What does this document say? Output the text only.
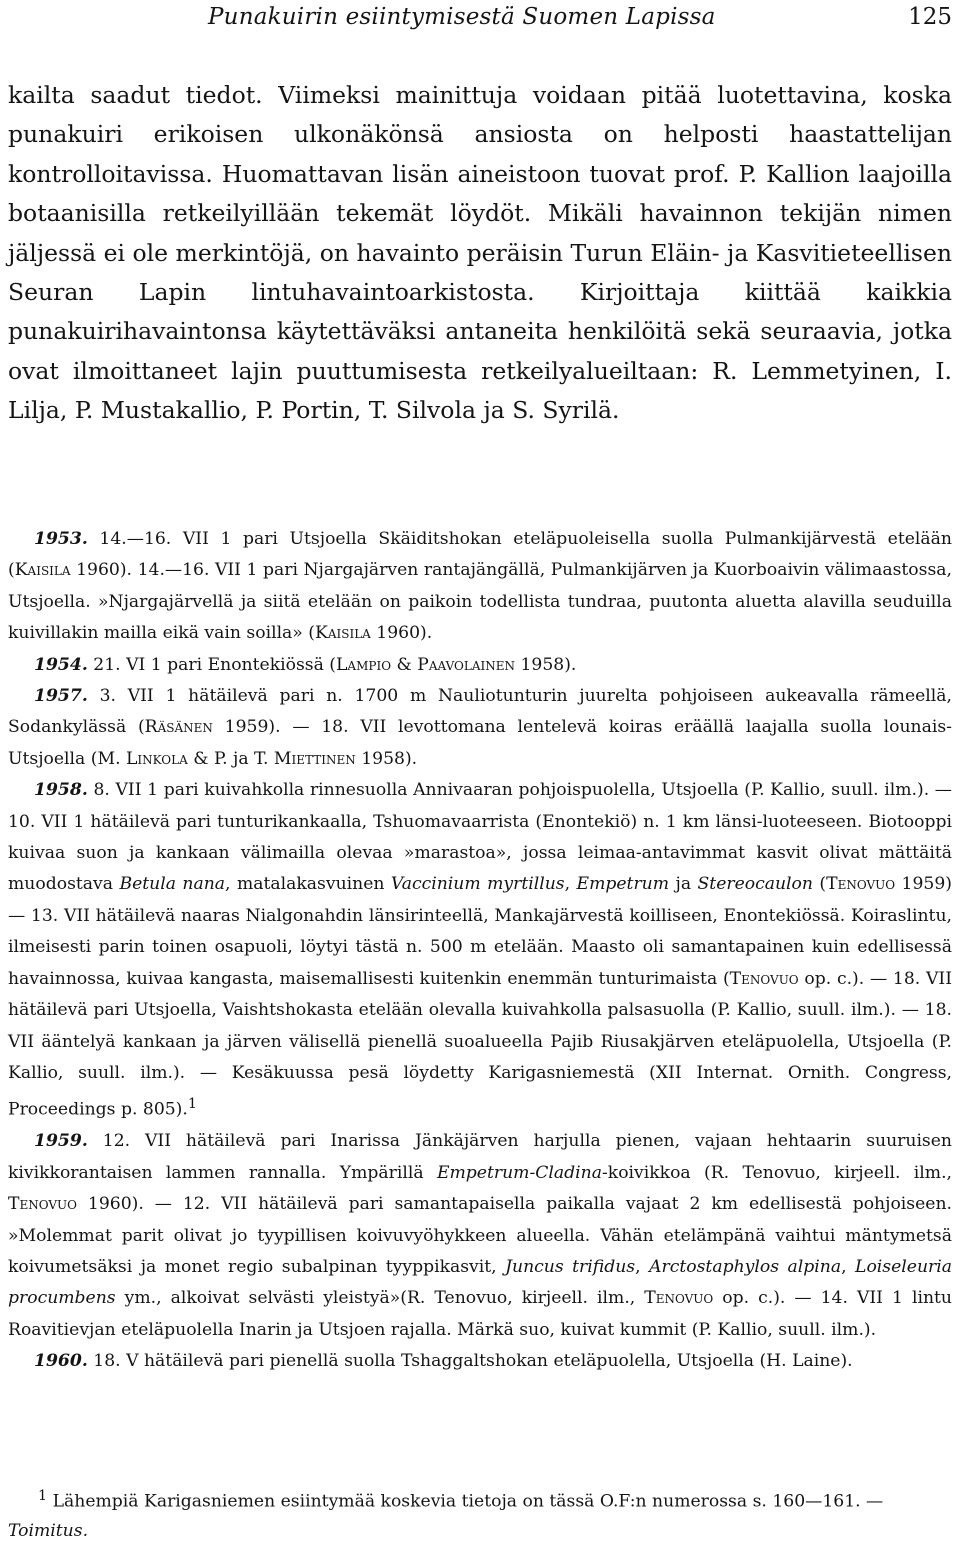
Punakuirin esiintymisestä Suomen Lapissa	125

kailta saadut tiedot. Viimeksi mainittuja voidaan pitää luotettavina, koska punakuiri erikoisen ulkonäkönsä ansiosta on helposti haastattelijan kontrolloitavissa. Huomattavan lisän aineistoon tuovat prof. P. Kallion laajoilla botaanisilla retkeilyillään tekemät löydöt. Mikäli havainnon tekijän nimen jäljessä ei ole merkintöjä, on havainto peräisin Turun Eläin- ja Kasvitieteellisen Seuran Lapin lintuhavaintoarkistosta. Kirjoittaja kiittää kaikkia punakuirihavaintonsa käytettäväksi antaneita henkilöitä sekä seuraavia, jotka ovat ilmoittaneet lajin puuttumisesta retkeilyalueiltaan: R. Lemmetyinen, I. Lilja, P. Mustakallio, P. Portin, T. Silvola ja S. Syrilä.

1953. 14.—16. VII 1 pari Utsjoella Skäiditshokan eteläpuoleisella suolla Pulmankijärvestä etelään (Kaisila 1960). 14.—16. VII 1 pari Njargajärven rantajängällä, Pulmankijärven ja Kuorboaivin välimaastossa, Utsjoella. »Njargajärvellä ja siitä etelään on paikoin todellista tundraa, puutonta aluetta alavilla seuduilla kuivillakin mailla eikä vain soilla» (Kaisila 1960).

1954. 21. VI 1 pari Enontekiössä (Lampio & Paavolainen 1958).

1957. 3. VII 1 hätäilevä pari n. 1700 m Nauliotunturin juurelta pohjoiseen aukeavalla rämeellä, Sodankylässä (Räsänen 1959). — 18. VII levottomana lentelevä koiras eräällä laajalla suolla lounais-Utsjoella (M. Linkola & P. ja T. Miettinen 1958).

1958. 8. VII 1 pari kuivahkolla rinnesuolla Annivaaran pohjoispuolella, Utsjoella (P. Kallio, suull. ilm.). — 10. VII 1 hätäilevä pari tunturikankaalla, Tshuomavaarrista (Enontekiö) n. 1 km länsi-luoteeseen. Biotooppi kuivaa suon ja kankaan välimailla olevaa »marastoa», jossa leimaa-antavimmat kasvit olivat mättäitä muodostava Betula nana, matalakasvuinen Vaccinium myrtillus, Empetrum ja Stereocaulon (Tenovuo 1959) — 13. VII hätäilevä naaras Nialgonahdin länsirinteellä, Mankajärvestä koilliseen, Enontekiössä. Koiraslintu, ilmeisesti parin toinen osapuoli, löytyi tästä n. 500 m etelään. Maasto oli samantapainen kuin edellisessä havainnossa, kuivaa kangasta, maisemallisesti kuitenkin enemmän tunturimaista (Tenovuo op. c.). — 18. VII hätäilevä pari Utsjoella, Vaishtshokasta etelään olevalla kuivahkolla palsasuolla (P. Kallio, suull. ilm.). — 18. VII ääntelyä kankaan ja järven välisellä pienellä suoalueella Pajib Riusakjärven eteläpuolella, Utsjoella (P. Kallio, suull. ilm.). — Kesäkuussa pesä löydetty Karigasniemestä (XII Internat. Ornith. Congress, Proceedings p. 805).$^1$

1959. 12. VII hätäilevä pari Inarissa Jänkäjärven harjulla pienen, vajaan hehtaarin suuruisen kivikkorantaisen lammen rannalla. Ympärillä Empetrum-Cladina-koivikkoa (R. Tenovuo, kirjeell. ilm., Tenovuo 1960). — 12. VII hätäilevä pari samantapaisella paikalla vajaat 2 km edellisestä pohjoiseen. »Molemmat parit olivat jo tyypillisen koivuvyöhykkeen alueella. Vähän etelämpänä vaihtui mäntymetsä koivumetsäksi ja monet regio subalpinan tyyppikasvit, Juncus trifidus, Arctostaphylos alpina, Loiseleuria procumbens ym., alkoivat selvästi yleistyä»(R. Tenovuo, kirjeell. ilm., Tenovuo op. c.). — 14. VII 1 lintu Roavitievjan eteläpuolella Inarin ja Utsjoen rajalla. Märkä suo, kuivat kummit (P. Kallio, suull. ilm.).

1960. 18. V hätäilevä pari pienellä suolla Tshaggaltshokan eteläpuolella, Utsjoella (H. Laine).

$^1$ Lähempiä Karigasniemen esiintymää koskevia tietoja on tässä O.F:n numerossa s. 160—161. — Toimitus.
